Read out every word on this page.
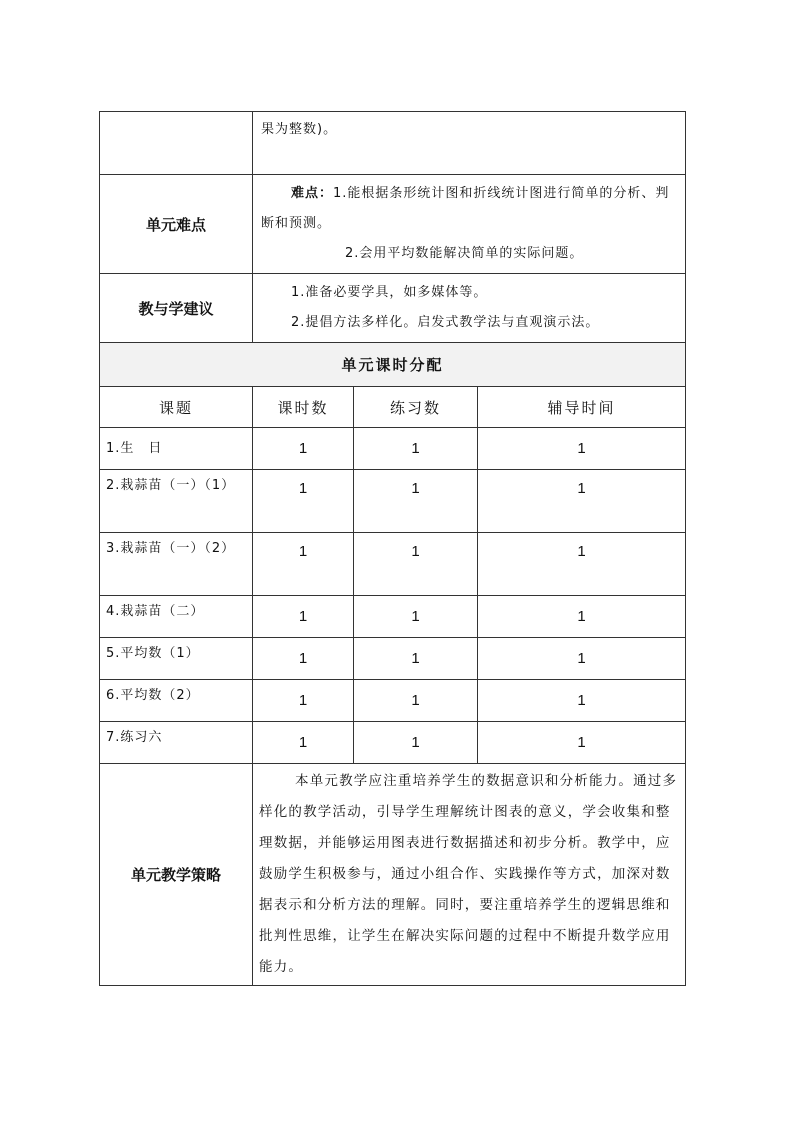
	果为整数)。		
单元难点	难点：1.能根据条形统计图和折线统计图进行简单的分析、判断和预测。
2.会用平均数能解决简单的实际问题。		

教与学建议	1.准备必要学具，如多媒体等。
2.提倡方法多样化。启发式教学法与直观演示法。		

单元课时分配			
课题	课时数	练习数	辅导时间
1.生　日	1	1	1
2.栽蒜苗（一）（1）	1	1	1
3.栽蒜苗（一）（2）	1	1	1
4.栽蒜苗（二）	1	1	1
5.平均数（1）	1	1	1
6.平均数（2）	1	1	1
7.练习六	1	1	1
单元教学策略	本单元教学应注重培养学生的数据意识和分析能力。通过多样化的教学活动，引导学生理解统计图表的意义，学会收集和整理数据，并能够运用图表进行数据描述和初步分析。教学中，应鼓励学生积极参与，通过小组合作、实践操作等方式，加深对数据表示和分析方法的理解。同时，要注重培养学生的逻辑思维和批判性思维，让学生在解决实际问题的过程中不断提升数学应用能力。		
